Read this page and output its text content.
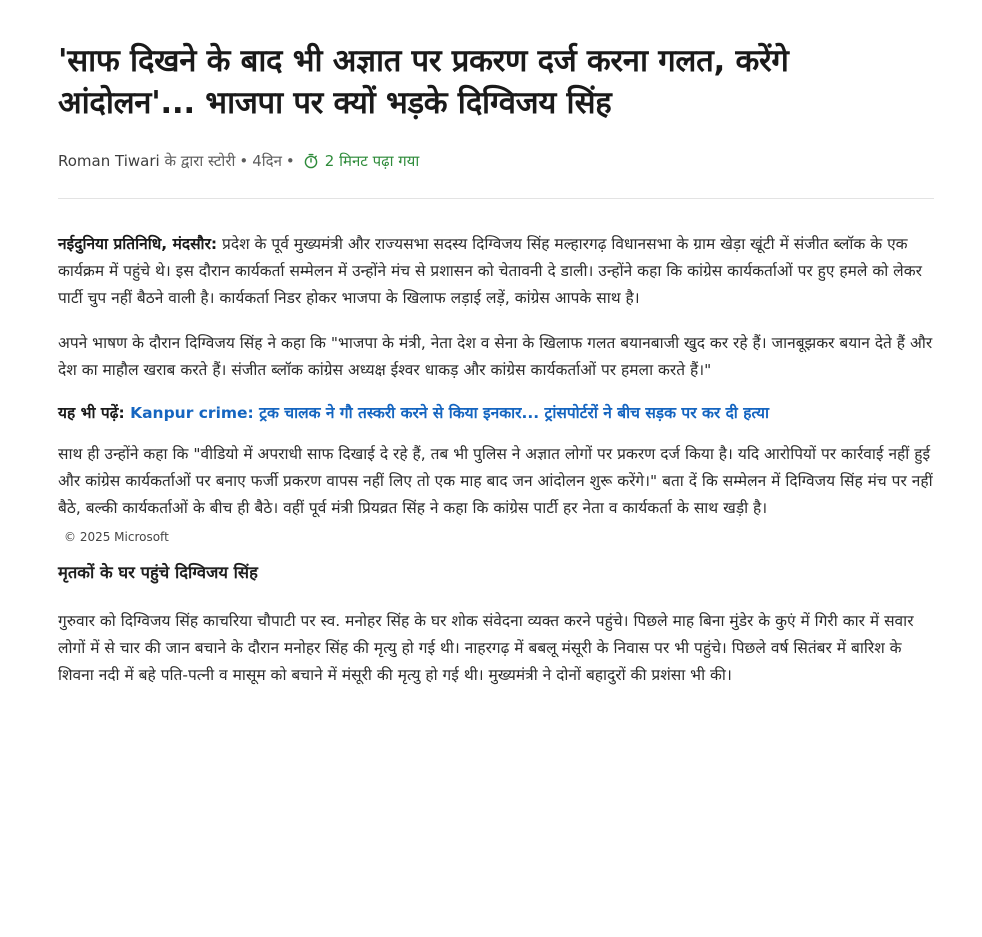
'साफ दिखने के बाद भी अज्ञात पर प्रकरण दर्ज करना गलत, करेंगे आंदोलन'... भाजपा पर क्यों भड़के दिग्विजय सिंह
Roman Tiwari के द्वारा स्टोरी • 4दिन • 2 मिनट पढ़ा गया

नईदुनिया प्रतिनिधि, मंदसौर: प्रदेश के पूर्व मुख्यमंत्री और राज्यसभा सदस्य दिग्विजय सिंह मल्हारगढ़ विधानसभा के ग्राम खेड़ा खूंटी में संजीत ब्लॉक के एक कार्यक्रम में पहुंचे थे। इस दौरान कार्यकर्ता सम्मेलन में उन्होंने मंच से प्रशासन को चेतावनी दे डाली। उन्होंने कहा कि कांग्रेस कार्यकर्ताओं पर हुए हमले को लेकर पार्टी चुप नहीं बैठने वाली है। कार्यकर्ता निडर होकर भाजपा के खिलाफ लड़ाई लड़ें, कांग्रेस आपके साथ है।

अपने भाषण के दौरान दिग्विजय सिंह ने कहा कि "भाजपा के मंत्री, नेता देश व सेना के खिलाफ गलत बयानबाजी खुद कर रहे हैं। जानबूझकर बयान देते हैं और देश का माहौल खराब करते हैं। संजीत ब्लॉक कांग्रेस अध्यक्ष ईश्वर धाकड़ और कांग्रेस कार्यकर्ताओं पर हमला करते हैं।"

यह भी पढ़ें: Kanpur crime: ट्रक चालक ने गौ तस्करी करने से किया इनकार... ट्रांसपोर्टरों ने बीच सड़क पर कर दी हत्या

साथ ही उन्होंने कहा कि "वीडियो में अपराधी साफ दिखाई दे रहे हैं, तब भी पुलिस ने अज्ञात लोगों पर प्रकरण दर्ज किया है। यदि आरोपियों पर कार्रवाई नहीं हुई और कांग्रेस कार्यकर्ताओं पर बनाए फर्जी प्रकरण वापस नहीं लिए तो एक माह बाद जन आंदोलन शुरू करेंगे।" बता दें कि सम्मेलन में दिग्विजय सिंह मंच पर नहीं बैठे, बल्की कार्यकर्ताओं के बीच ही बैठे। वहीं पूर्व मंत्री प्रियव्रत सिंह ने कहा कि कांग्रेस पार्टी हर नेता व कार्यकर्ता के साथ खड़ी है।

© 2025 Microsoft
मृतकों के घर पहुंचे दिग्विजय सिंह

गुरुवार को दिग्विजय सिंह काचरिया चौपाटी पर स्व. मनोहर सिंह के घर शोक संवेदना व्यक्त करने पहुंचे। पिछले माह बिना मुंडेर के कुएं में गिरी कार में सवार लोगों में से चार की जान बचाने के दौरान मनोहर सिंह की मृत्यु हो गई थी। नाहरगढ़ में बबलू मंसूरी के निवास पर भी पहुंचे। पिछले वर्ष सितंबर में बारिश के शिवना नदी में बहे पति-पत्नी व मासूम को बचाने में मंसूरी की मृत्यु हो गई थी। मुख्यमंत्री ने दोनों बहादुरों की प्रशंसा भी की।
